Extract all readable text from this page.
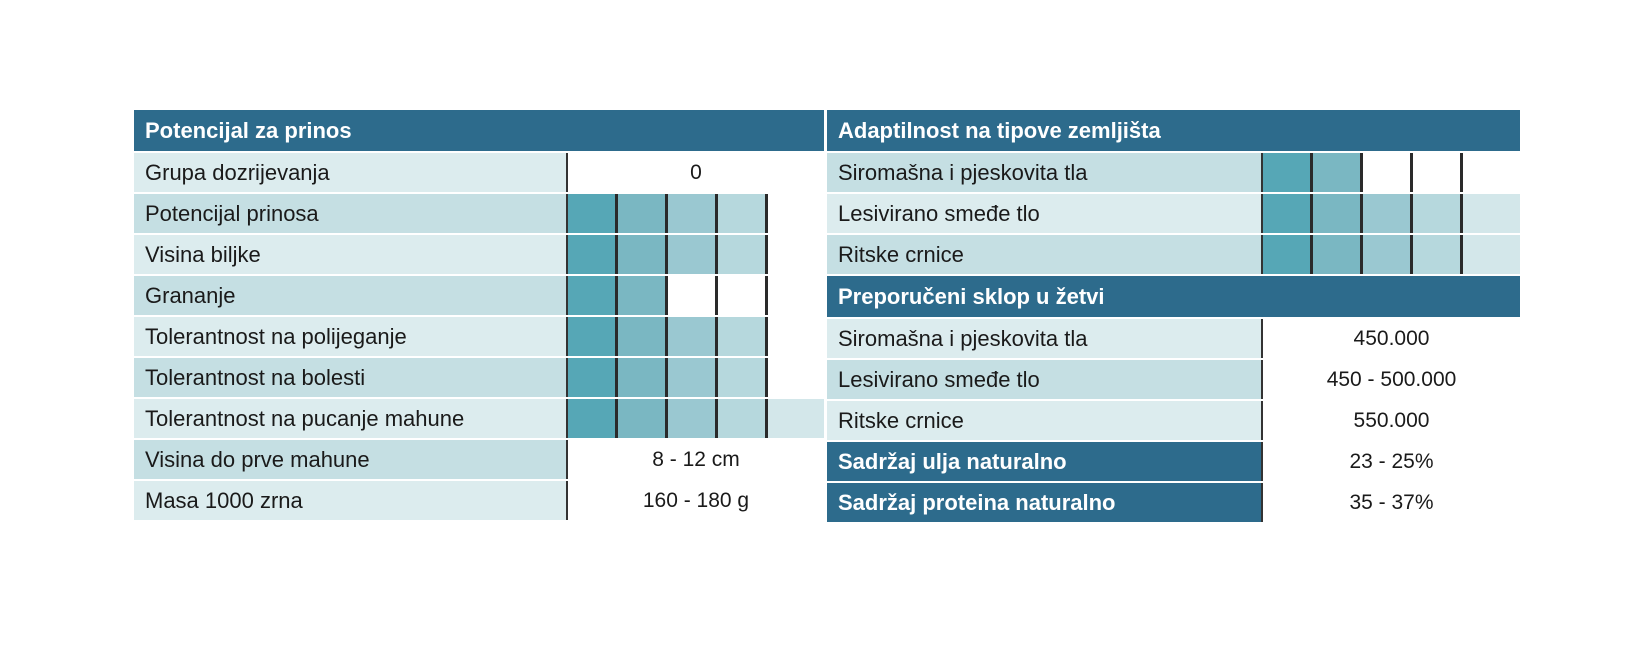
Potencijal za prinos
Grupa dozrijevanja	0
Potencijal prinosa
Visina biljke
Grananje
Tolerantnost na polijeganje
Tolerantnost na bolesti
Tolerantnost na pucanje mahune
Visina do prve mahune	8 - 12 cm
Masa 1000 zrna	160 - 180 g
Adaptilnost na tipove zemljišta
Siromašna i pjeskovita tla
Lesivirano smeđe tlo
Ritske crnice
Preporučeni sklop u žetvi
Siromašna i pjeskovita tla	450.000
Lesivirano smeđe tlo	450 - 500.000
Ritske crnice	550.000
Sadržaj ulja naturalno	23 - 25%
Sadržaj proteina naturalno	35 - 37%
